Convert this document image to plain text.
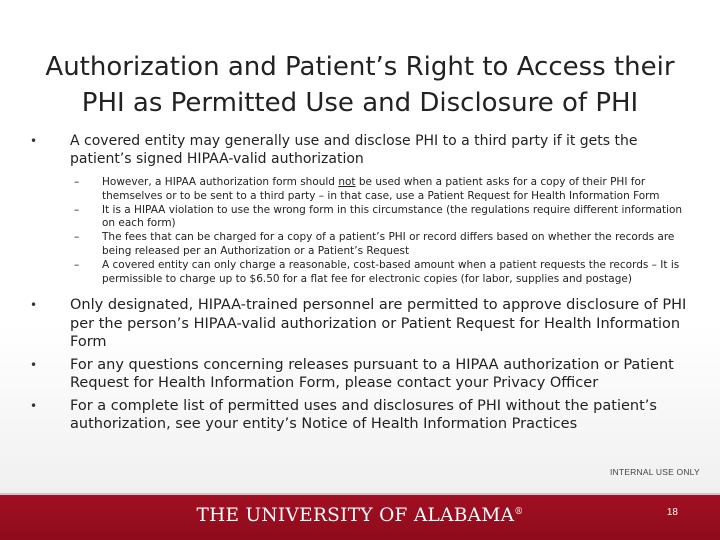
Authorization and Patient’s Right to Access their
PHI as Permitted Use and Disclosure of PHI
• A covered entity may generally use and disclose PHI to a third party if it gets the patient’s signed HIPAA-valid authorization
– However, a HIPAA authorization form should not be used when a patient asks for a copy of their PHI for themselves or to be sent to a third party – in that case, use a Patient Request for Health Information Form
– It is a HIPAA violation to use the wrong form in this circumstance (the regulations require different information on each form)
– The fees that can be charged for a copy of a patient’s PHI or record differs based on whether the records are being released per an Authorization or a Patient’s Request
– A covered entity can only charge a reasonable, cost-based amount when a patient requests the records – It is permissible to charge up to $6.50 for a flat fee for electronic copies (for labor, supplies and postage)
• Only designated, HIPAA-trained personnel are permitted to approve disclosure of PHI per the person’s HIPAA-valid authorization or Patient Request for Health Information Form
• For any questions concerning releases pursuant to a HIPAA authorization or Patient Request for Health Information Form, please contact your Privacy Officer
• For a complete list of permitted uses and disclosures of PHI without the patient’s authorization, see your entity’s Notice of Health Information Practices
INTERNAL USE ONLY
THE UNIVERSITY OF ALABAMA®	18
